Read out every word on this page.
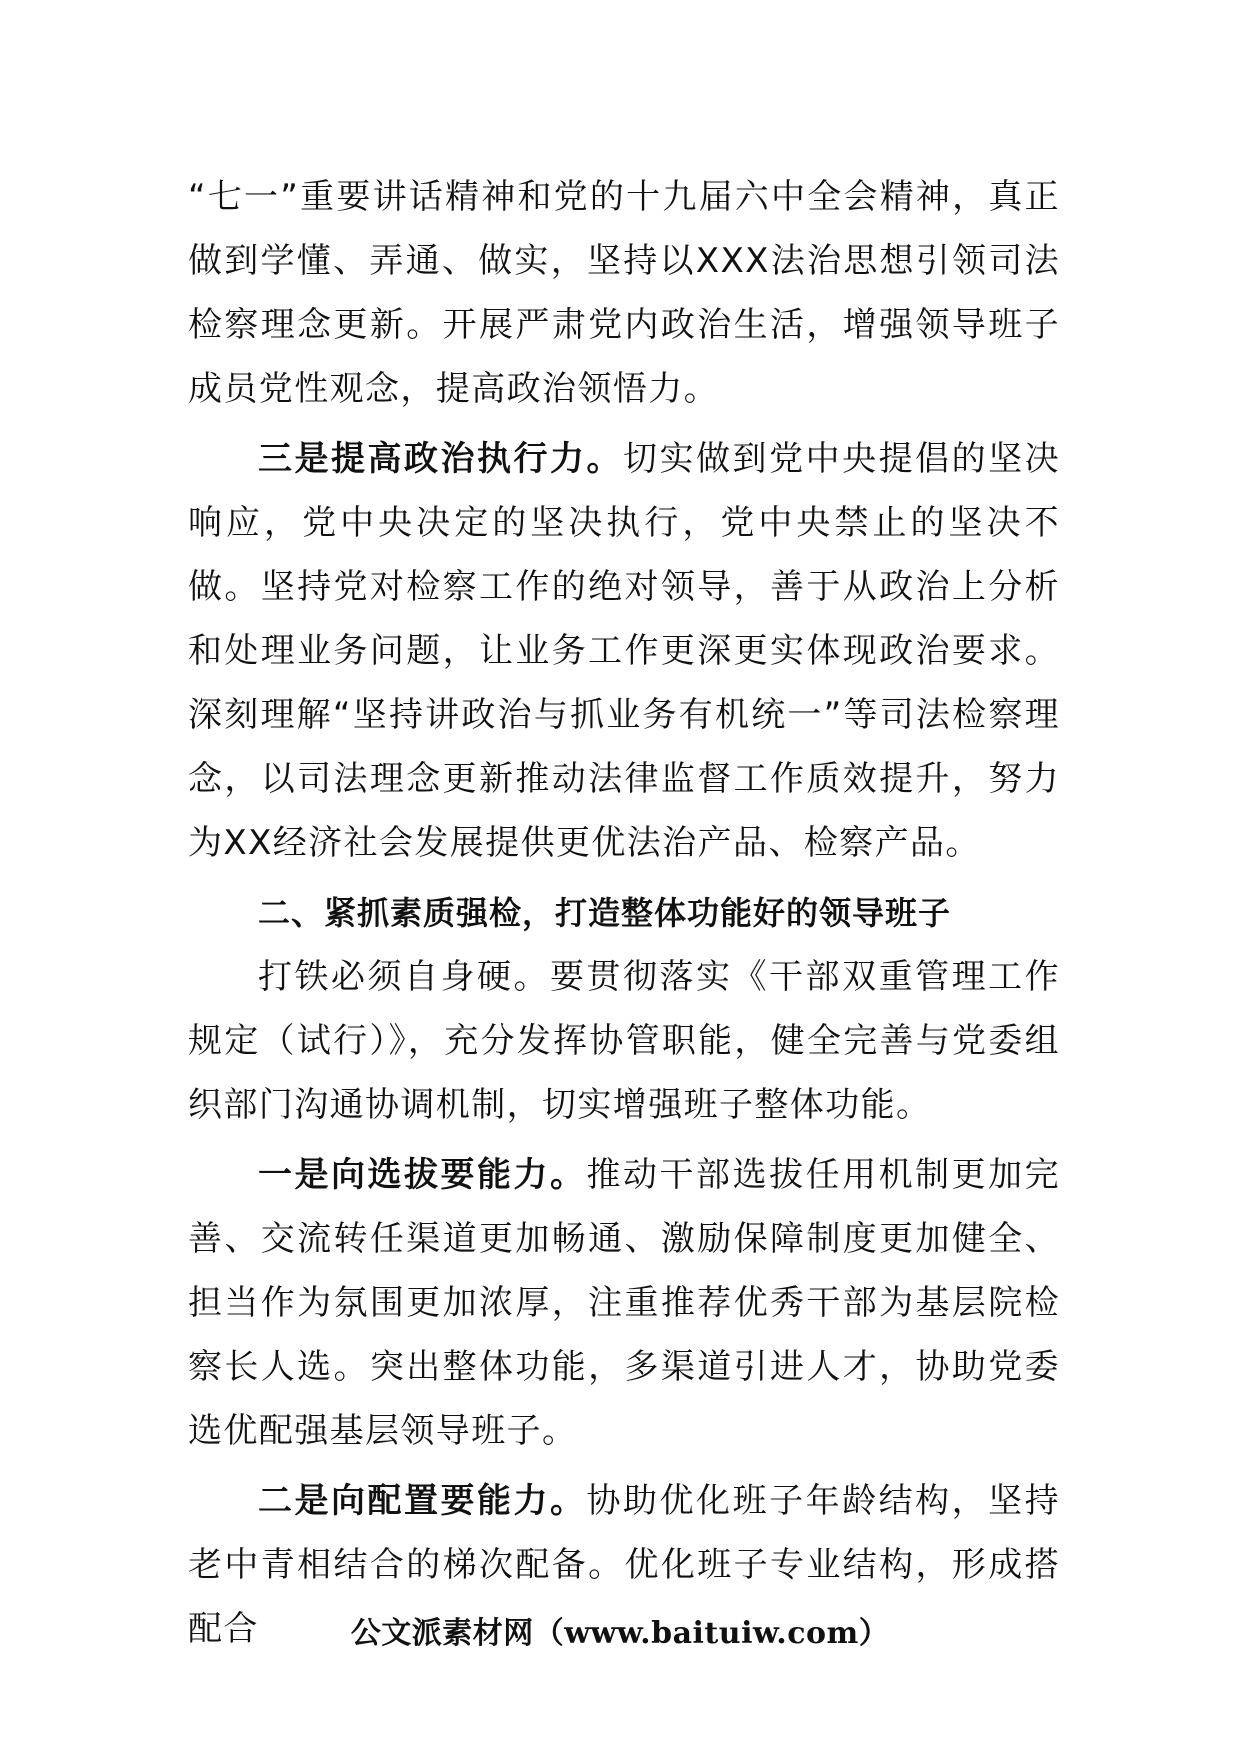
“七一”重要讲话精神和党的十九届六中全会精神，真正做到学懂、弄通、做实，坚持以XXX法治思想引领司法检察理念更新。开展严肃党内政治生活，增强领导班子成员党性观念，提高政治领悟力。

三是提高政治执行力。切实做到党中央提倡的坚决响应，党中央决定的坚决执行，党中央禁止的坚决不做。坚持党对检察工作的绝对领导，善于从政治上分析和处理业务问题，让业务工作更深更实体现政治要求。深刻理解“坚持讲政治与抓业务有机统一”等司法检察理念，以司法理念更新推动法律监督工作质效提升，努力为XX经济社会发展提供更优法治产品、检察产品。

二、紧抓素质强检，打造整体功能好的领导班子

打铁必须自身硬。要贯彻落实《干部双重管理工作规定（试行）》，充分发挥协管职能，健全完善与党委组织部门沟通协调机制，切实增强班子整体功能。

一是向选拔要能力。推动干部选拔任用机制更加完善、交流转任渠道更加畅通、激励保障制度更加健全、担当作为氛围更加浓厚，注重推荐优秀干部为基层院检察长人选。突出整体功能，多渠道引进人才，协助党委选优配强基层领导班子。

二是向配置要能力。协助优化班子年龄结构，坚持老中青相结合的梯次配备。优化班子专业结构，形成搭配合	公文派素材网（www.baituiw.com）
